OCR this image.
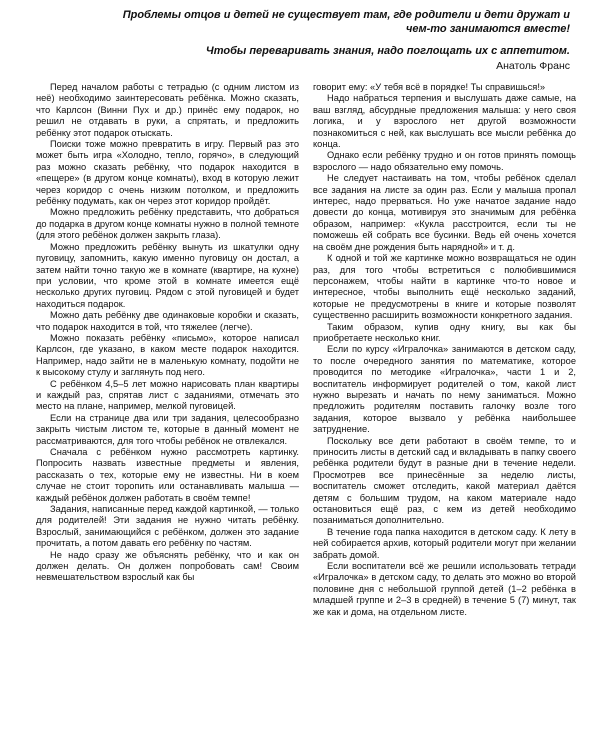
Проблемы отцов и детей не существует там, где родители и дети дружат и чем-то занимаются вместе!
Чтобы переваривать знания, надо поглощать их с аппетитом.
Анатоль Франс

Перед началом работы с тетрадью (с одним листом из неё) необходимо заинтересовать ребёнка. Можно сказать, что Карлсон (Винни Пух и др.) принёс ему подарок, но решил не отдавать в руки, а спрятать, и предложить ребёнку этот подарок отыскать.

Поиски тоже можно превратить в игру. Первый раз это может быть игра «Холодно, тепло, горячо», в следующий раз можно сказать ребёнку, что подарок находится в «пещере» (в другом конце комнаты), вход в которую лежит через коридор с очень низким потолком, и предложить ребёнку подумать, как он через этот коридор пройдёт.

Можно предложить ребёнку представить, что добраться до подарка в другом конце комнаты нужно в полной темноте (для этого ребёнок должен закрыть глаза).

Можно предложить ребёнку вынуть из шкатулки одну пуговицу, запомнить, какую именно пуговицу он достал, а затем найти точно такую же в комнате (квартире, на кухне) при условии, что кроме этой в комнате имеется ещё несколько других пуговиц. Рядом с этой пуговицей и будет находиться подарок.

Можно дать ребёнку две одинаковые коробки и сказать, что подарок находится в той, что тяжелее (легче).

Можно показать ребёнку «письмо», которое написал Карлсон, где указано, в каком месте подарок находится. Например, надо зайти не в маленькую комнату, подойти не к высокому стулу и заглянуть под него.

С ребёнком 4,5–5 лет можно нарисовать план квартиры и каждый раз, спрятав лист с заданиями, отмечать это место на плане, например, мелкой пуговицей.

Если на странице два или три задания, целесообразно закрыть чистым листом те, которые в данный момент не рассматриваются, для того чтобы ребёнок не отвлекался.

Сначала с ребёнком нужно рассмотреть картинку. Попросить назвать известные предметы и явления, рассказать о тех, которые ему не известны. Ни в коем случае не стоит торопить или останавливать малыша — каждый ребёнок должен работать в своём темпе!

Задания, написанные перед каждой картинкой, — только для родителей! Эти задания не нужно читать ребёнку. Взрослый, занимающийся с ребёнком, должен это задание прочитать, а потом давать его ребёнку по частям.

Не надо сразу же объяснять ребёнку, что и как он должен делать. Он должен попробовать сам! Своим невмешательством взрослый как бы

говорит ему: «У тебя всё в порядке! Ты справишься!»

Надо набраться терпения и выслушать даже самые, на ваш взгляд, абсурдные предложения малыша: у него своя логика, и у взрослого нет другой возможности познакомиться с ней, как выслушать все мысли ребёнка до конца.

Однако если ребёнку трудно и он готов принять помощь взрослого — надо обязательно ему помочь.

Не следует настаивать на том, чтобы ребёнок сделал все задания на листе за один раз. Если у малыша пропал интерес, надо прерваться. Но уже начатое задание надо довести до конца, мотивируя это значимым для ребёнка образом, например: «Кукла расстроится, если ты не поможешь ей собрать все бусинки. Ведь ей очень хочется на своём дне рождения быть нарядной» и т. д.

К одной и той же картинке можно возвращаться не один раз, для того чтобы встретиться с полюбившимися персонажем, чтобы найти в картинке что-то новое и интересное, чтобы выполнить ещё несколько заданий, которые не предусмотрены в книге и которые позволят существенно расширить возможности конкретного задания.

Таким образом, купив одну книгу, вы как бы приобретаете несколько книг.

Если по курсу «Игралочка» занимаются в детском саду, то после очередного занятия по математике, которое проводится по методике «Игралочка», части 1 и 2, воспитатель информирует родителей о том, какой лист нужно вырезать и начать по нему заниматься. Можно предложить родителям поставить галочку возле того задания, которое вызвало у ребёнка наибольшее затруднение.

Поскольку все дети работают в своём темпе, то и приносить листы в детский сад и вкладывать в папку своего ребёнка родители будут в разные дни в течение недели. Просмотрев все принесённые за неделю листы, воспитатель сможет отследить, какой материал даётся детям с большим трудом, на каком материале надо остановиться ещё раз, с кем из детей необходимо позаниматься дополнительно.

В течение года папка находится в детском саду. К лету в ней собирается архив, который родители могут при желании забрать домой.

Если воспитатели всё же решили использовать тетради «Игралочка» в детском саду, то делать это можно во второй половине дня с небольшой группой детей (1–2 ребёнка в младшей группе и 2–3 в средней) в течение 5 (7) минут, так же как и дома, на отдельном листе.
